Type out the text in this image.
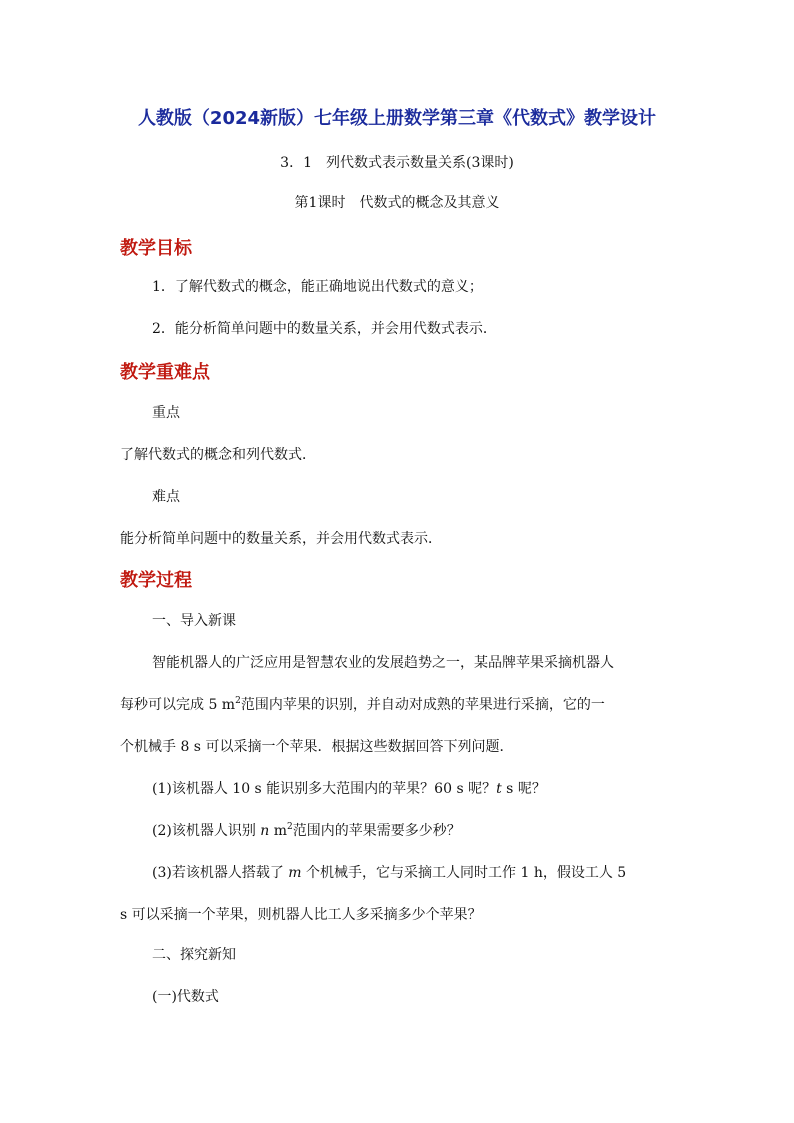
人教版（2024新版）七年级上册数学第三章《代数式》教学设计
3．1　列代数式表示数量关系(3课时)
第1课时　代数式的概念及其意义
教学目标
1．了解代数式的概念，能正确地说出代数式的意义；
2．能分析简单问题中的数量关系，并会用代数式表示．
教学重难点
重点
了解代数式的概念和列代数式．
难点
能分析简单问题中的数量关系，并会用代数式表示．
教学过程
一、导入新课
智能机器人的广泛应用是智慧农业的发展趋势之一，某品牌苹果采摘机器人
每秒可以完成 5 $m^2$范围内苹果的识别，并自动对成熟的苹果进行采摘，它的一
个机械手 8 s 可以采摘一个苹果．根据这些数据回答下列问题．
(1)该机器人 10 s 能识别多大范围内的苹果？60 s 呢？t s 呢？
(2)该机器人识别 n $m^2$范围内的苹果需要多少秒？
(3)若该机器人搭载了 m 个机械手，它与采摘工人同时工作 1 h，假设工人 5
s 可以采摘一个苹果，则机器人比工人多采摘多少个苹果？
二、探究新知
(一)代数式
